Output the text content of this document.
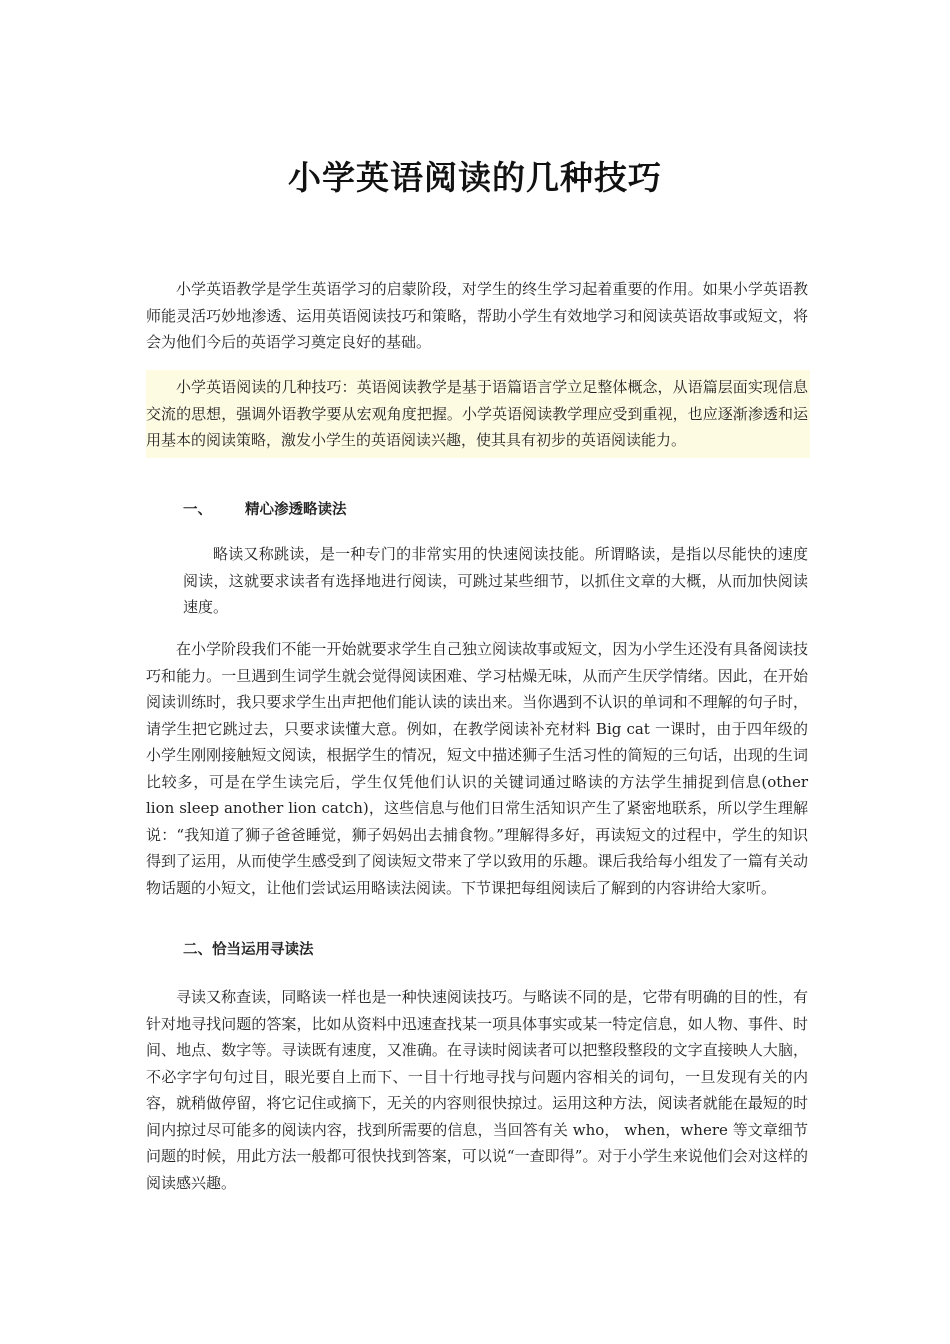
小学英语阅读的几种技巧

小学英语教学是学生英语学习的启蒙阶段，对学生的终生学习起着重要的作用。如果小学英语教师能灵活巧妙地渗透、运用英语阅读技巧和策略，帮助小学生有效地学习和阅读英语故事或短文，将会为他们今后的英语学习奠定良好的基础。

小学英语阅读的几种技巧：英语阅读教学是基于语篇语言学立足整体概念，从语篇层面实现信息交流的思想，强调外语教学要从宏观角度把握。小学英语阅读教学理应受到重视，也应逐渐渗透和运用基本的阅读策略，激发小学生的英语阅读兴趣，使其具有初步的英语阅读能力。

一、 精心渗透略读法

略读又称跳读，是一种专门的非常实用的快速阅读技能。所谓略读，是指以尽能快的速度阅读，这就要求读者有选择地进行阅读，可跳过某些细节，以抓住文章的大概，从而加快阅读速度。

在小学阶段我们不能一开始就要求学生自己独立阅读故事或短文，因为小学生还没有具备阅读技巧和能力。一旦遇到生词学生就会觉得阅读困难、学习枯燥无味，从而产生厌学情绪。因此，在开始阅读训练时，我只要求学生出声把他们能认读的读出来。当你遇到不认识的单词和不理解的句子时，请学生把它跳过去，只要求读懂大意。例如，在教学阅读补充材料 Big cat 一课时，由于四年级的小学生刚刚接触短文阅读，根据学生的情况，短文中描述狮子生活习性的简短的三句话，出现的生词比较多，可是在学生读完后，学生仅凭他们认识的关键词通过略读的方法学生捕捉到信息(other lion sleep another lion catch)，这些信息与他们日常生活知识产生了紧密地联系，所以学生理解说：“我知道了狮子爸爸睡觉，狮子妈妈出去捕食物。”理解得多好，再读短文的过程中，学生的知识得到了运用，从而使学生感受到了阅读短文带来了学以致用的乐趣。课后我给每小组发了一篇有关动物话题的小短文，让他们尝试运用略读法阅读。下节课把每组阅读后了解到的内容讲给大家听。

二、恰当运用寻读法

寻读又称查读，同略读一样也是一种快速阅读技巧。与略读不同的是，它带有明确的目的性，有针对地寻找问题的答案，比如从资料中迅速查找某一项具体事实或某一特定信息，如人物、事件、时间、地点、数字等。寻读既有速度，又准确。在寻读时阅读者可以把整段整段的文字直接映人大脑，不必字字句句过目，眼光要自上而下、一目十行地寻找与问题内容相关的词句，一旦发现有关的内容，就稍做停留，将它记住或摘下，无关的内容则很快掠过。运用这种方法，阅读者就能在最短的时间内掠过尽可能多的阅读内容，找到所需要的信息，当回答有关 who， when，where 等文章细节问题的时候，用此方法一般都可很快找到答案，可以说“一查即得”。对于小学生来说他们会对这样的阅读感兴趣。
